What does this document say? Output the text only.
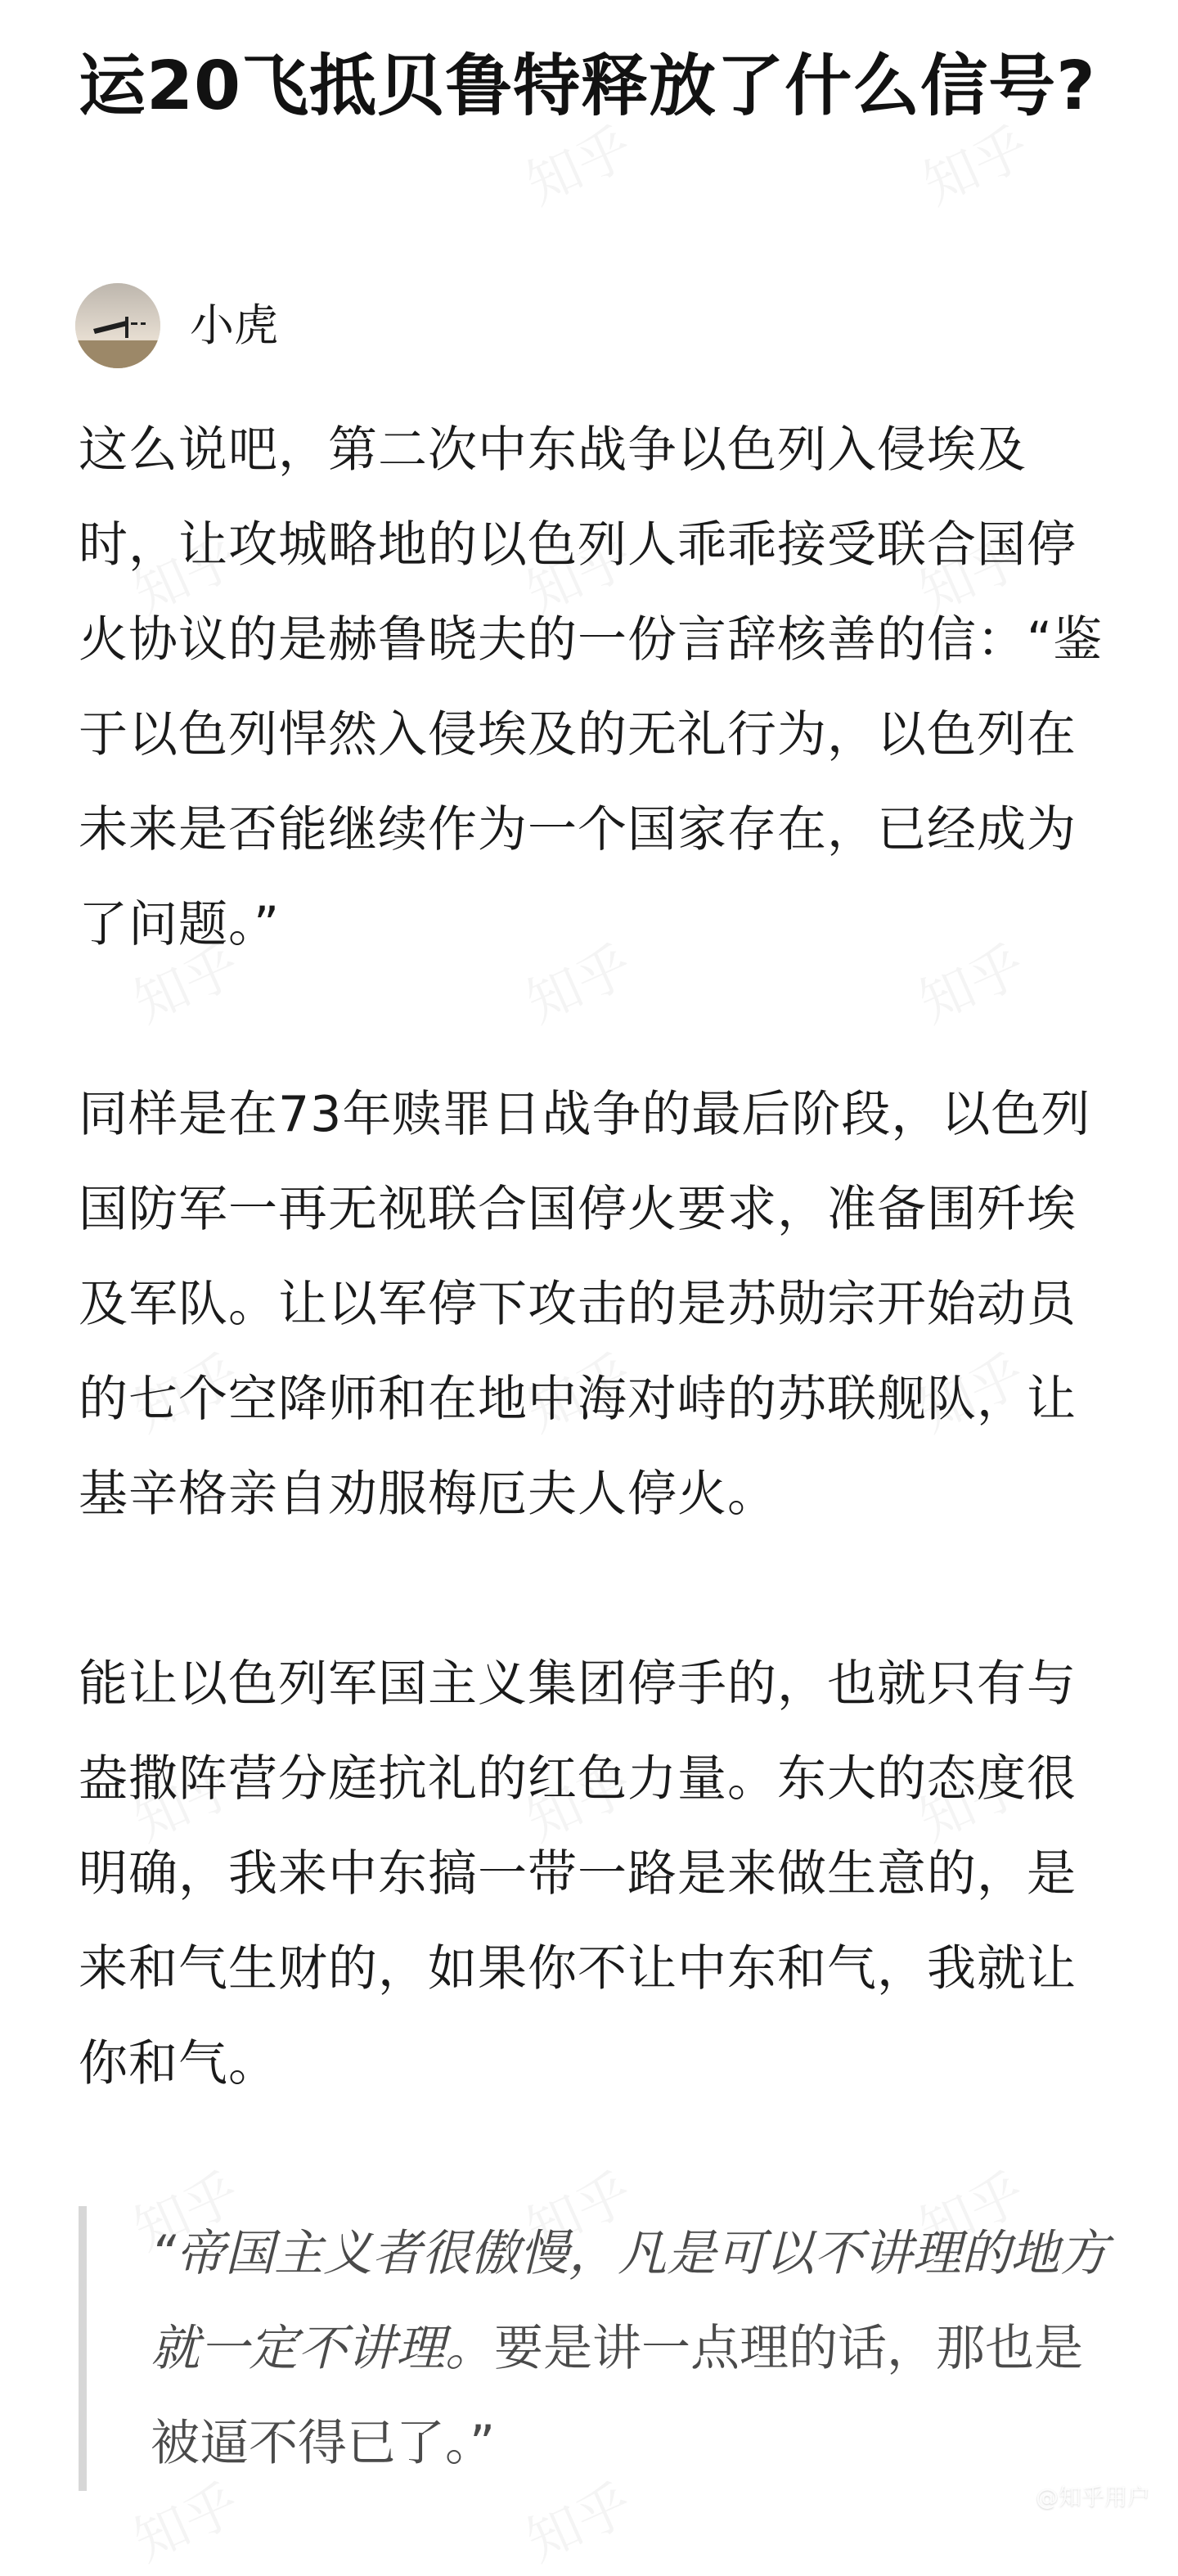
运20飞抵贝鲁特释放了什么信号?
小虎

这么说吧，第二次中东战争以色列入侵埃及时，让攻城略地的以色列人乖乖接受联合国停火协议的是赫鲁晓夫的一份言辞核善的信：“鉴于以色列悍然入侵埃及的无礼行为，以色列在未来是否能继续作为一个国家存在，已经成为了问题。”

同样是在73年赎罪日战争的最后阶段，以色列国防军一再无视联合国停火要求，准备围歼埃及军队。让以军停下攻击的是苏勋宗开始动员的七个空降师和在地中海对峙的苏联舰队，让基辛格亲自劝服梅厄夫人停火。

能让以色列军国主义集团停手的，也就只有与盎撒阵营分庭抗礼的红色力量。东大的态度很明确，我来中东搞一带一路是来做生意的，是来和气生财的，如果你不让中东和气，我就让你和气。

“帝国主义者很傲慢，凡是可以不讲理的地方就一定不讲理。要是讲一点理的话，那也是被逼不得已了。”
@知乎用户
